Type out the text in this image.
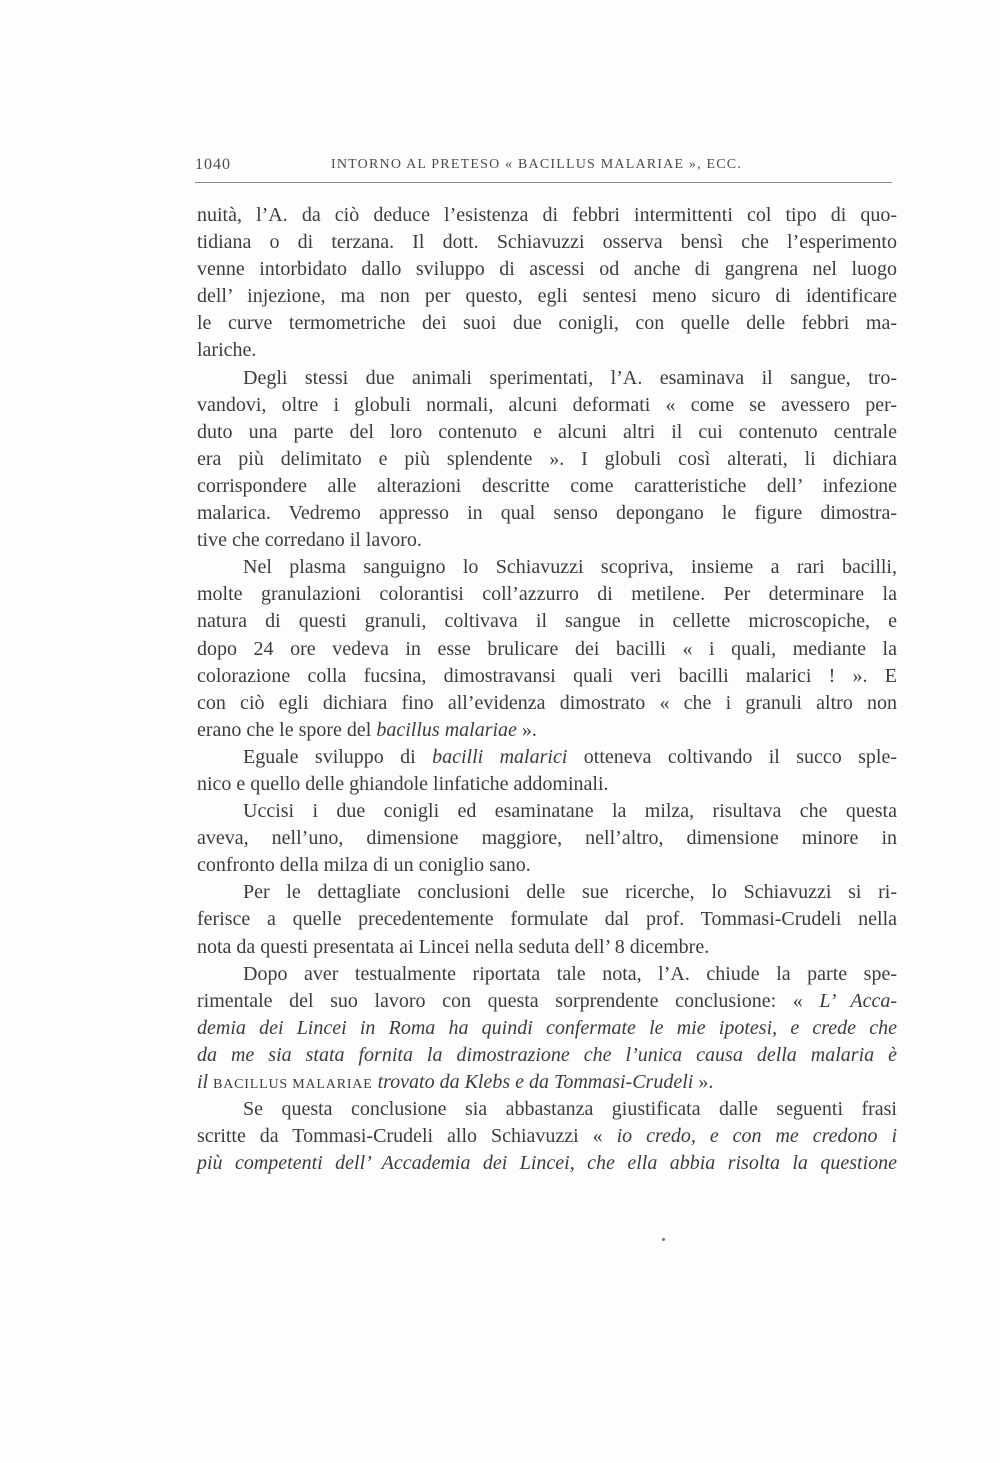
1040	INTORNO AL PRETESO « BACILLUS MALARIAE », ECC.
nuità, l’A. da ciò deduce l’esistenza di febbri intermittenti col tipo di quo-
tidiana o di terzana. Il dott. Schiavuzzi osserva bensì che l’esperimento
venne intorbidato dallo sviluppo di ascessi od anche di gangrena nel luogo
dell’ injezione, ma non per questo, egli sentesi meno sicuro di identificare
le curve termometriche dei suoi due conigli, con quelle delle febbri ma-
lariche.
Degli stessi due animali sperimentati, l’A. esaminava il sangue, tro-
vandovi, oltre i globuli normali, alcuni deformati « come se avessero per-
duto una parte del loro contenuto e alcuni altri il cui contenuto centrale
era più delimitato e più splendente ». I globuli così alterati, li dichiara
corrispondere alle alterazioni descritte come caratteristiche dell’ infezione
malarica. Vedremo appresso in qual senso depongano le figure dimostra-
tive che corredano il lavoro.
Nel plasma sanguigno lo Schiavuzzi scopriva, insieme a rari bacilli,
molte granulazioni colorantisi coll’azzurro di metilene. Per determinare la
natura di questi granuli, coltivava il sangue in cellette microscopiche, e
dopo 24 ore vedeva in esse brulicare dei bacilli « i quali, mediante la
colorazione colla fucsina, dimostravansi quali veri bacilli malarici ! ». E
con ciò egli dichiara fino all’evidenza dimostrato « che i granuli altro non
erano che le spore del bacillus malariae ».
Eguale sviluppo di bacilli malarici otteneva coltivando il succo sple-
nico e quello delle ghiandole linfatiche addominali.
Uccisi i due conigli ed esaminatane la milza, risultava che questa
aveva, nell’uno, dimensione maggiore, nell’altro, dimensione minore in
confronto della milza di un coniglio sano.
Per le dettagliate conclusioni delle sue ricerche, lo Schiavuzzi si ri-
ferisce a quelle precedentemente formulate dal prof. Tommasi-Crudeli nella
nota da questi presentata ai Lincei nella seduta dell’ 8 dicembre.
Dopo aver testualmente riportata tale nota, l’A. chiude la parte spe-
rimentale del suo lavoro con questa sorprendente conclusione: « L’ Acca-
demia dei Lincei in Roma ha quindi confermate le mie ipotesi, e crede che
da me sia stata fornita la dimostrazione che l’unica causa della malaria è
il BACILLUS MALARIAE trovato da Klebs e da Tommasi-Crudeli ».
Se questa conclusione sia abbastanza giustificata dalle seguenti frasi
scritte da Tommasi-Crudeli allo Schiavuzzi « io credo, e con me credono i
più competenti dell’ Accademia dei Lincei, che ella abbia risolta la questione
